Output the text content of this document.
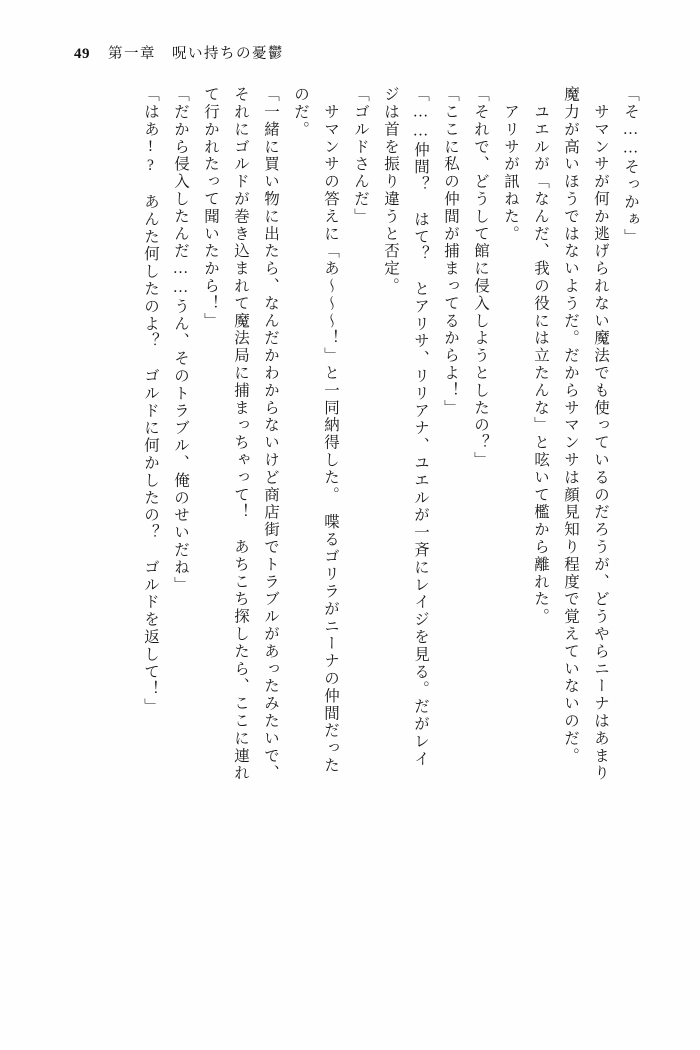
49 第一章　呪い持ちの憂鬱
「そ……そっかぁ」
　サマンサが何か逃げられない魔法でも使っているのだろうが、どうやらニーナはあまり
魔力が高いほうではないようだ。だからサマンサは顔見知り程度で覚えていないのだ。
　ユエルが「なんだ、我の役には立たんな」と呟いて檻から離れた。
　アリサが訊ねた。
「それで、どうして館に侵入しようとしたの？」
「ここに私の仲間が捕まってるからよ！」
「……仲間？　はて？　とアリサ、リリアナ、ユエルが一斉にレイジを見る。だがレイ
ジは首を振り違うと否定。
「ゴルドさんだ」
　サマンサの答えに「あ～～～！」と一同納得した。　喋るゴリラがニーナの仲間だった
のだ。
「一緒に買い物に出たら、なんだかわからないけど商店街でトラブルがあったみたいで、
それにゴルドが巻き込まれて魔法局に捕まっちゃって！　あちこち探したら、ここに連れ
て行かれたって聞いたから！」
「だから侵入したんだ……うん、そのトラブル、俺のせいだね」
「はあ!?　あんた何したのよ？　ゴルドに何かしたの？　ゴルドを返して！」
